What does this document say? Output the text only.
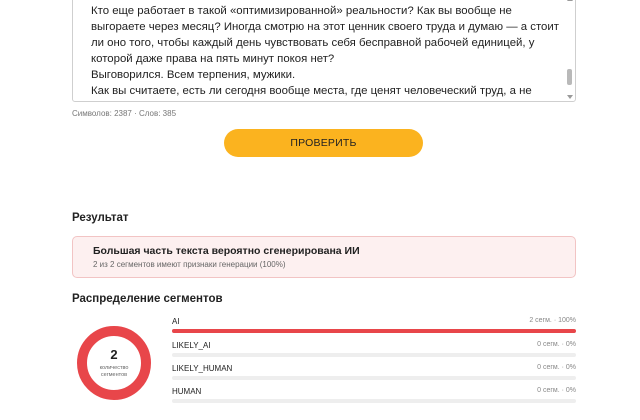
Кто еще работает в такой «оптимизированной» реальности? Как вы вообще не выгораете через месяц? Иногда смотрю на этот ценник своего труда и думаю — а стоит ли оно того, чтобы каждый день чувствовать себя бесправной рабочей единицей, у которой даже права на пять минут покоя нет?
Выговорился. Всем терпения, мужики.
Как вы считаете, есть ли сегодня вообще места, где ценят человеческий труд, а не
Символов: 2387 · Слов: 385
ПРОВЕРИТЬ
Результат
Большая часть текста вероятно сгенерирована ИИ
2 из 2 сегментов имеют признаки генерации (100%)
Распределение сегментов
2
количество сегментов
AI	2 сегм. · 100%
LIKELY_AI	0 сегм. · 0%
LIKELY_HUMAN	0 сегм. · 0%
HUMAN	0 сегм. · 0%
